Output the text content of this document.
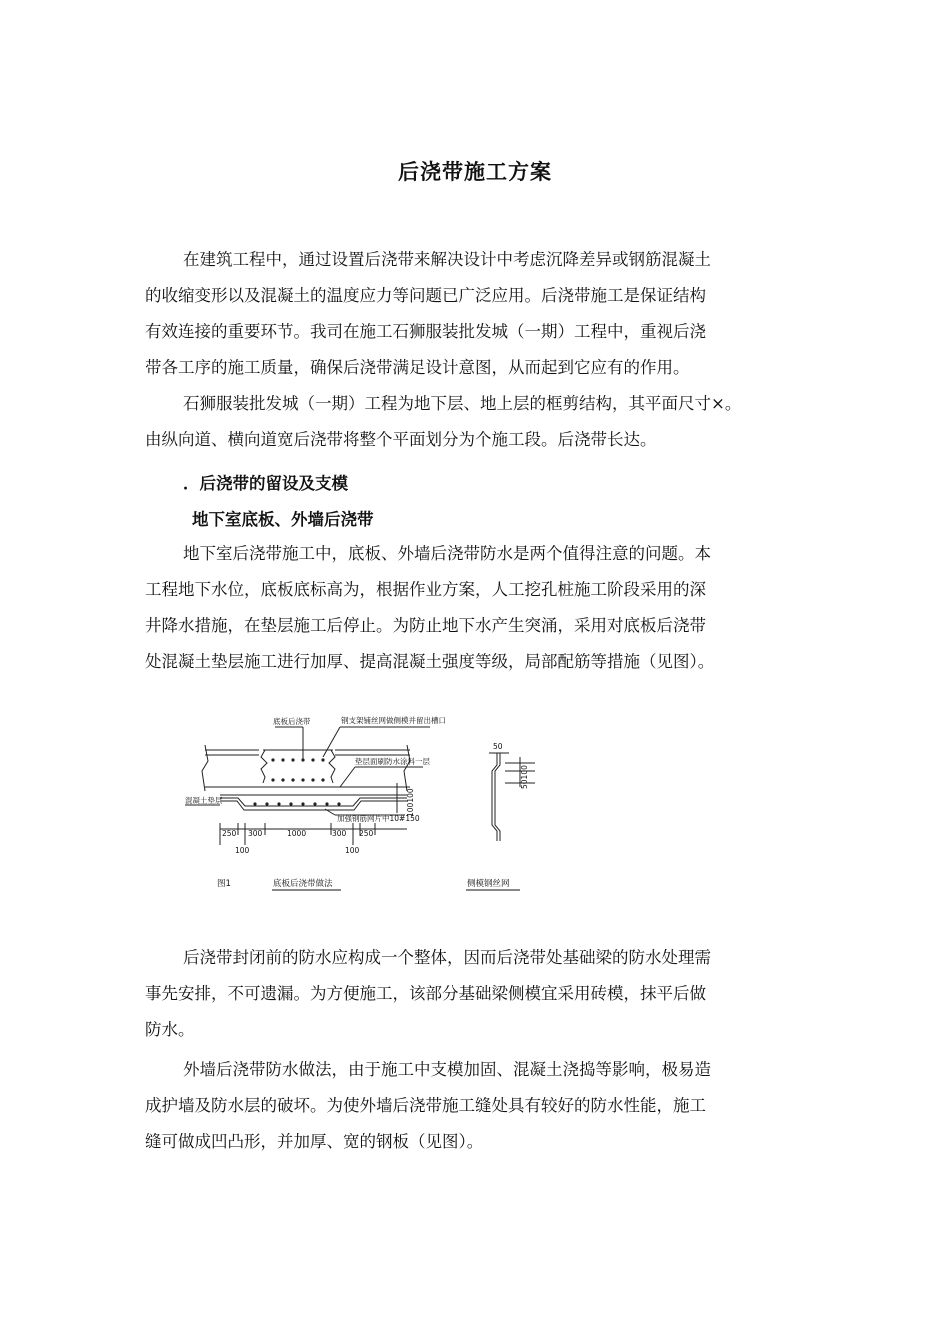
后浇带施工方案

在建筑工程中，通过设置后浇带来解决设计中考虑沉降差异或钢筋混凝土
的收缩变形以及混凝土的温度应力等问题已广泛应用。后浇带施工是保证结构
有效连接的重要环节。我司在施工石狮服装批发城（一期）工程中，重视后浇
带各工序的施工质量，确保后浇带满足设计意图，从而起到它应有的作用。

石狮服装批发城（一期）工程为地下层、地上层的框剪结构，其平面尺寸×。
由纵向道、横向道宽后浇带将整个平面划分为个施工段。后浇带长达。

．后浇带的留设及支模
地下室底板、外墙后浇带

地下室后浇带施工中，底板、外墙后浇带防水是两个值得注意的问题。本
工程地下水位，底板底标高为，根据作业方案，人工挖孔桩施工阶段采用的深
井降水措施，在垫层施工后停止。为防止地下水产生突涌，采用对底板后浇带
处混凝土垫层施工进行加厚、提高混凝土强度等级，局部配筋等措施（见图）。

底板后浇带	钢支架铺丝网做侧模并留出槽口
垫层面刷防水涂料一层
混凝土垫层
加强钢筋网片中10#150
250 300	1000	300 250
100	100
100100
50
50100
图1	底板后浇带做法	侧模钢丝网

后浇带封闭前的防水应构成一个整体，因而后浇带处基础梁的防水处理需
事先安排，不可遗漏。为方便施工，该部分基础梁侧模宜采用砖模，抹平后做
防水。

外墙后浇带防水做法，由于施工中支模加固、混凝土浇捣等影响，极易造
成护墙及防水层的破坏。为使外墙后浇带施工缝处具有较好的防水性能，施工
缝可做成凹凸形，并加厚、宽的钢板（见图）。
